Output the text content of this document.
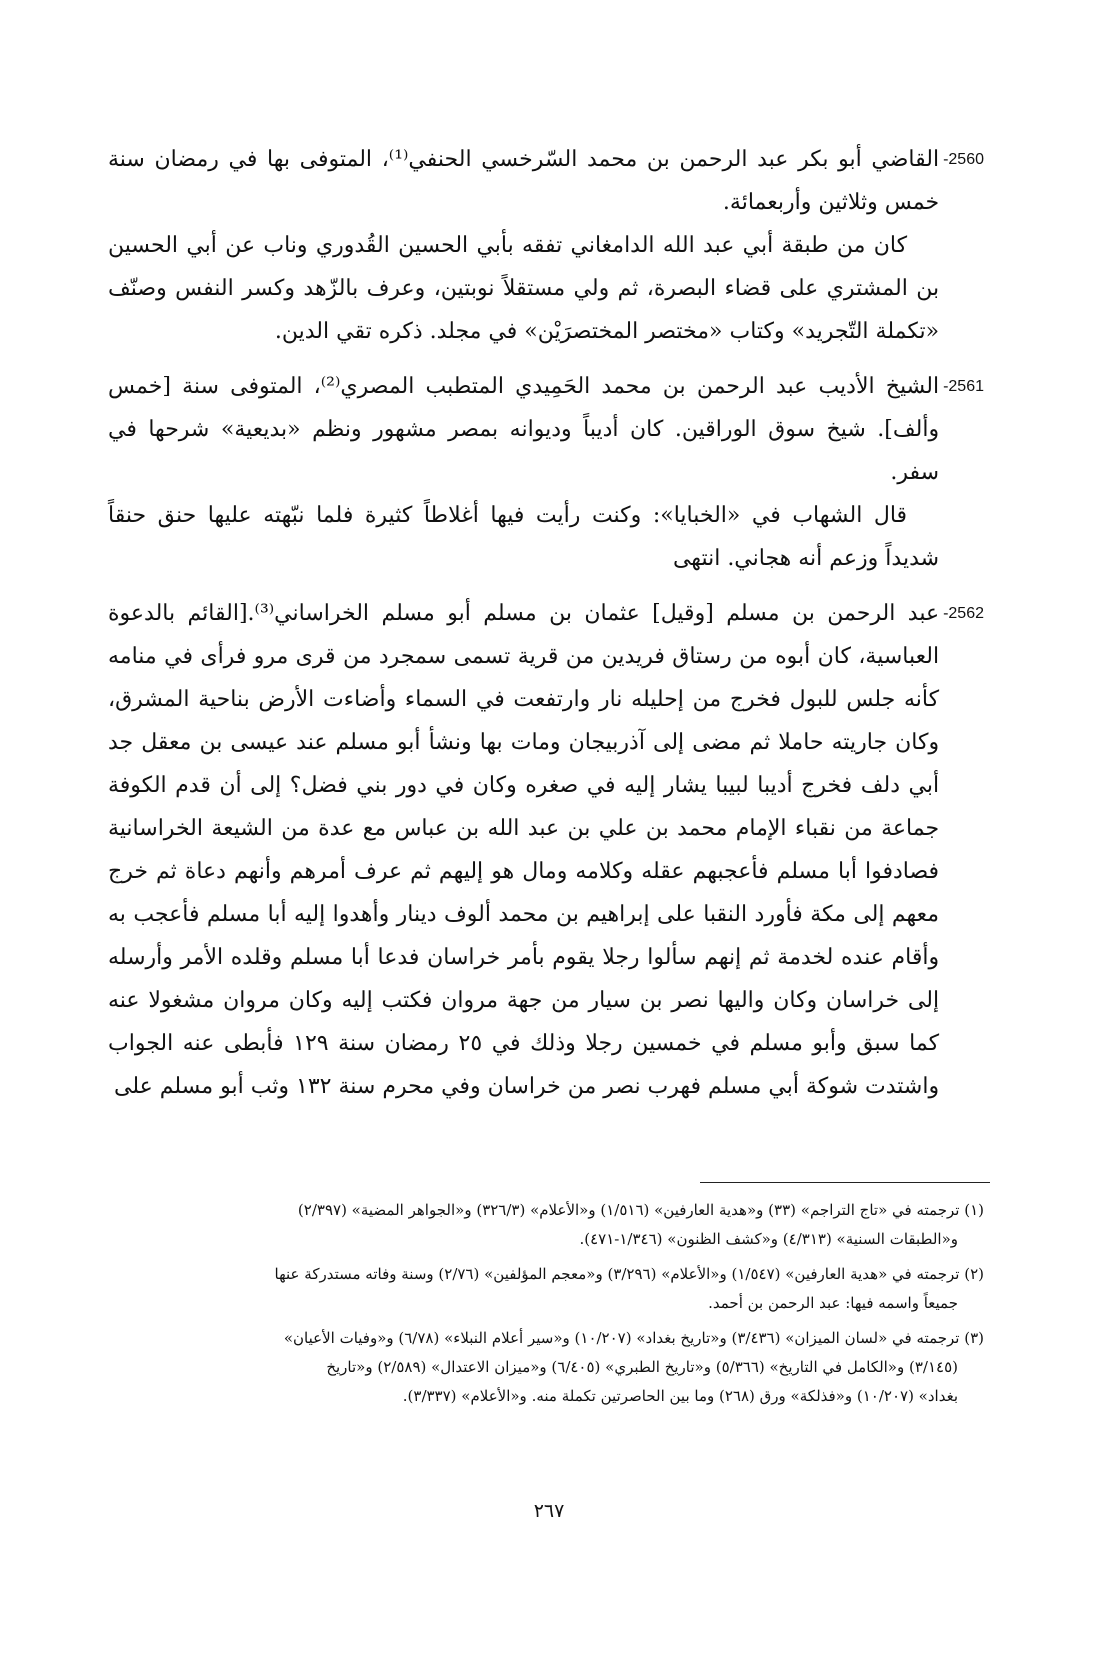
2560-

القاضي أبو بكر عبد الرحمن بن محمد السّرخسي الحنفي⁽¹⁾، المتوفى بها في رمضان سنة خمس وثلاثين وأربعمائة.

كان من طبقة أبي عبد الله الدامغاني تفقه بأبي الحسين القُدوري وناب عن أبي الحسين بن المشتري على قضاء البصرة، ثم ولي مستقلاً نوبتين، وعرف بالزّهد وكسر النفس وصنّف «تكملة التّجريد» وكتاب «مختصر المختصرَيْن» في مجلد. ذكره تقي الدين.

2561-

الشيخ الأديب عبد الرحمن بن محمد الحَمِيدي المتطبب المصري⁽²⁾، المتوفى سنة [خمس وألف]. شيخ سوق الوراقين. كان أديباً وديوانه بمصر مشهور ونظم «بديعية» شرحها في سفر.

قال الشهاب في «الخبايا»: وكنت رأيت فيها أغلاطاً كثيرة فلما نبّهته عليها حنق حنقاً شديداً وزعم أنه هجاني. انتهى

2562-

عبد الرحمن بن مسلم [وقيل] عثمان بن مسلم أبو مسلم الخراساني⁽³⁾.[القائم بالدعوة العباسية، كان أبوه من رستاق فريدين من قرية تسمى سمجرد من قرى مرو فرأى في منامه كأنه جلس للبول فخرج من إحليله نار وارتفعت في السماء وأضاءت الأرض بناحية المشرق، وكان جاريته حاملا ثم مضى إلى آذربيجان ومات بها ونشأ أبو مسلم عند عيسى بن معقل جد أبي دلف فخرج أديبا لبيبا يشار إليه في صغره وكان في دور بني فضل؟ إلى أن قدم الكوفة جماعة من نقباء الإمام محمد بن علي بن عبد الله بن عباس مع عدة من الشيعة الخراسانية فصادفوا أبا مسلم فأعجبهم عقله وكلامه ومال هو إليهم ثم عرف أمرهم وأنهم دعاة ثم خرج معهم إلى مكة فأورد النقبا على إبراهيم بن محمد ألوف دينار وأهدوا إليه أبا مسلم فأعجب به وأقام عنده لخدمة ثم إنهم سألوا رجلا يقوم بأمر خراسان فدعا أبا مسلم وقلده الأمر وأرسله إلى خراسان وكان واليها نصر بن سيار من جهة مروان فكتب إليه وكان مروان مشغولا عنه كما سبق وأبو مسلم في خمسين رجلا وذلك في ٢٥ رمضان سنة ١٢٩ فأبطى عنه الجواب واشتدت شوكة أبي مسلم فهرب نصر من خراسان وفي محرم سنة ١٣٢ وثب أبو مسلم على

(١) ترجمته في «تاج التراجم» (٣٣) و«هدية العارفين» (١/٥١٦) و«الأعلام» (٣٢٦/٣) و«الجواهر المضية» (٢/٣٩٧)
و«الطبقات السنية» (٤/٣١٣) و«كشف الظنون» (١/٣٤٦-٤٧١).
(٢) ترجمته في «هدية العارفين» (١/٥٤٧) و«الأعلام» (٣/٢٩٦) و«معجم المؤلفين» (٢/٧٦) وسنة وفاته مستدركة عنها
جميعاً واسمه فيها: عبد الرحمن بن أحمد.
(٣) ترجمته في «لسان الميزان» (٣/٤٣٦) و«تاريخ بغداد» (١٠/٢٠٧) و«سير أعلام النبلاء» (٦/٧٨) و«وفيات الأعيان»
(٣/١٤٥) و«الكامل في التاريخ» (٥/٣٦٦) و«تاريخ الطبري» (٦/٤٠٥) و«ميزان الاعتدال» (٢/٥٨٩) و«تاريخ
بغداد» (١٠/٢٠٧) و«فذلكة» ورق (٢٦٨) وما بين الحاصرتين تكملة منه. و«الأعلام» (٣/٣٣٧).
٢٦٧
